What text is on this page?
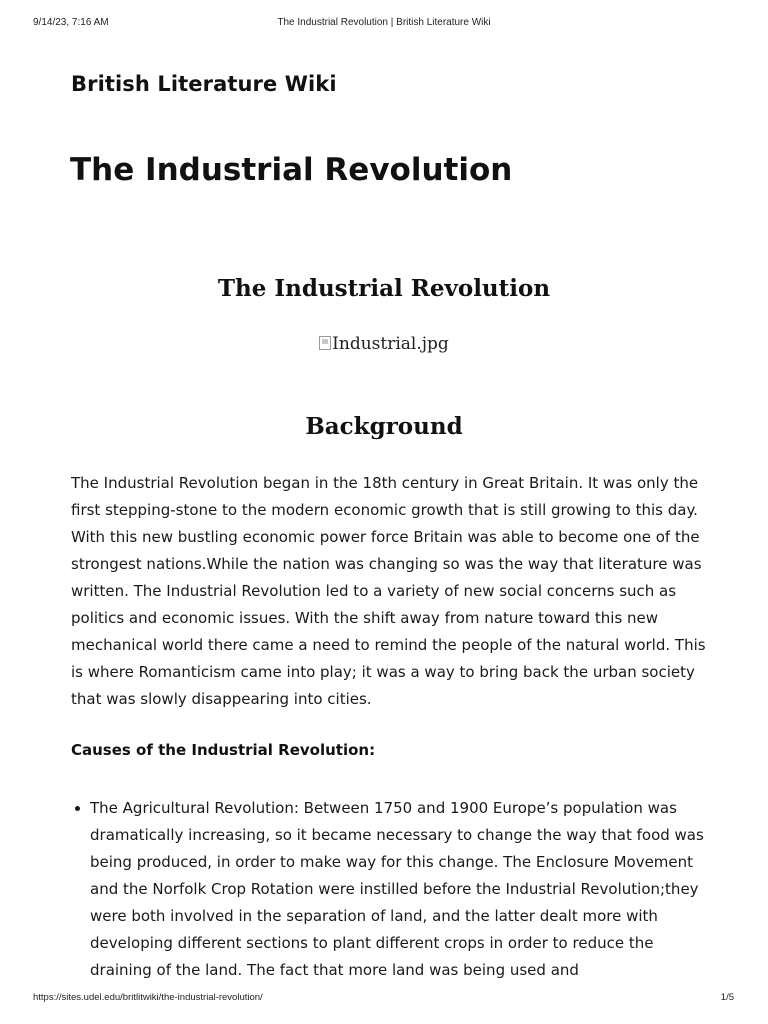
9/14/23, 7:16 AM	The Industrial Revolution | British Literature Wiki
British Literature Wiki
The Industrial Revolution
The Industrial Revolution
Industrial.jpg
Background

The Industrial Revolution began in the 18th century in Great Britain. It was only the first stepping-stone to the modern economic growth that is still growing to this day. With this new bustling economic power force Britain was able to become one of the strongest nations.While the nation was changing so was the way that literature was written. The Industrial Revolution led to a variety of new social concerns such as politics and economic issues. With the shift away from nature toward this new mechanical world there came a need to remind the people of the natural world. This is where Romanticism came into play; it was a way to bring back the urban society that was slowly disappearing into cities.

Causes of the Industrial Revolution:

The Agricultural Revolution: Between 1750 and 1900 Europe’s population was dramatically increasing, so it became necessary to change the way that food was being produced, in order to make way for this change. The Enclosure Movement and the Norfolk Crop Rotation were instilled before the Industrial Revolution;they were both involved in the separation of land, and the latter dealt more with developing different sections to plant different crops in order to reduce the draining of the land. The fact that more land was being used and
https://sites.udel.edu/britlitwiki/the-industrial-revolution/	1/5
